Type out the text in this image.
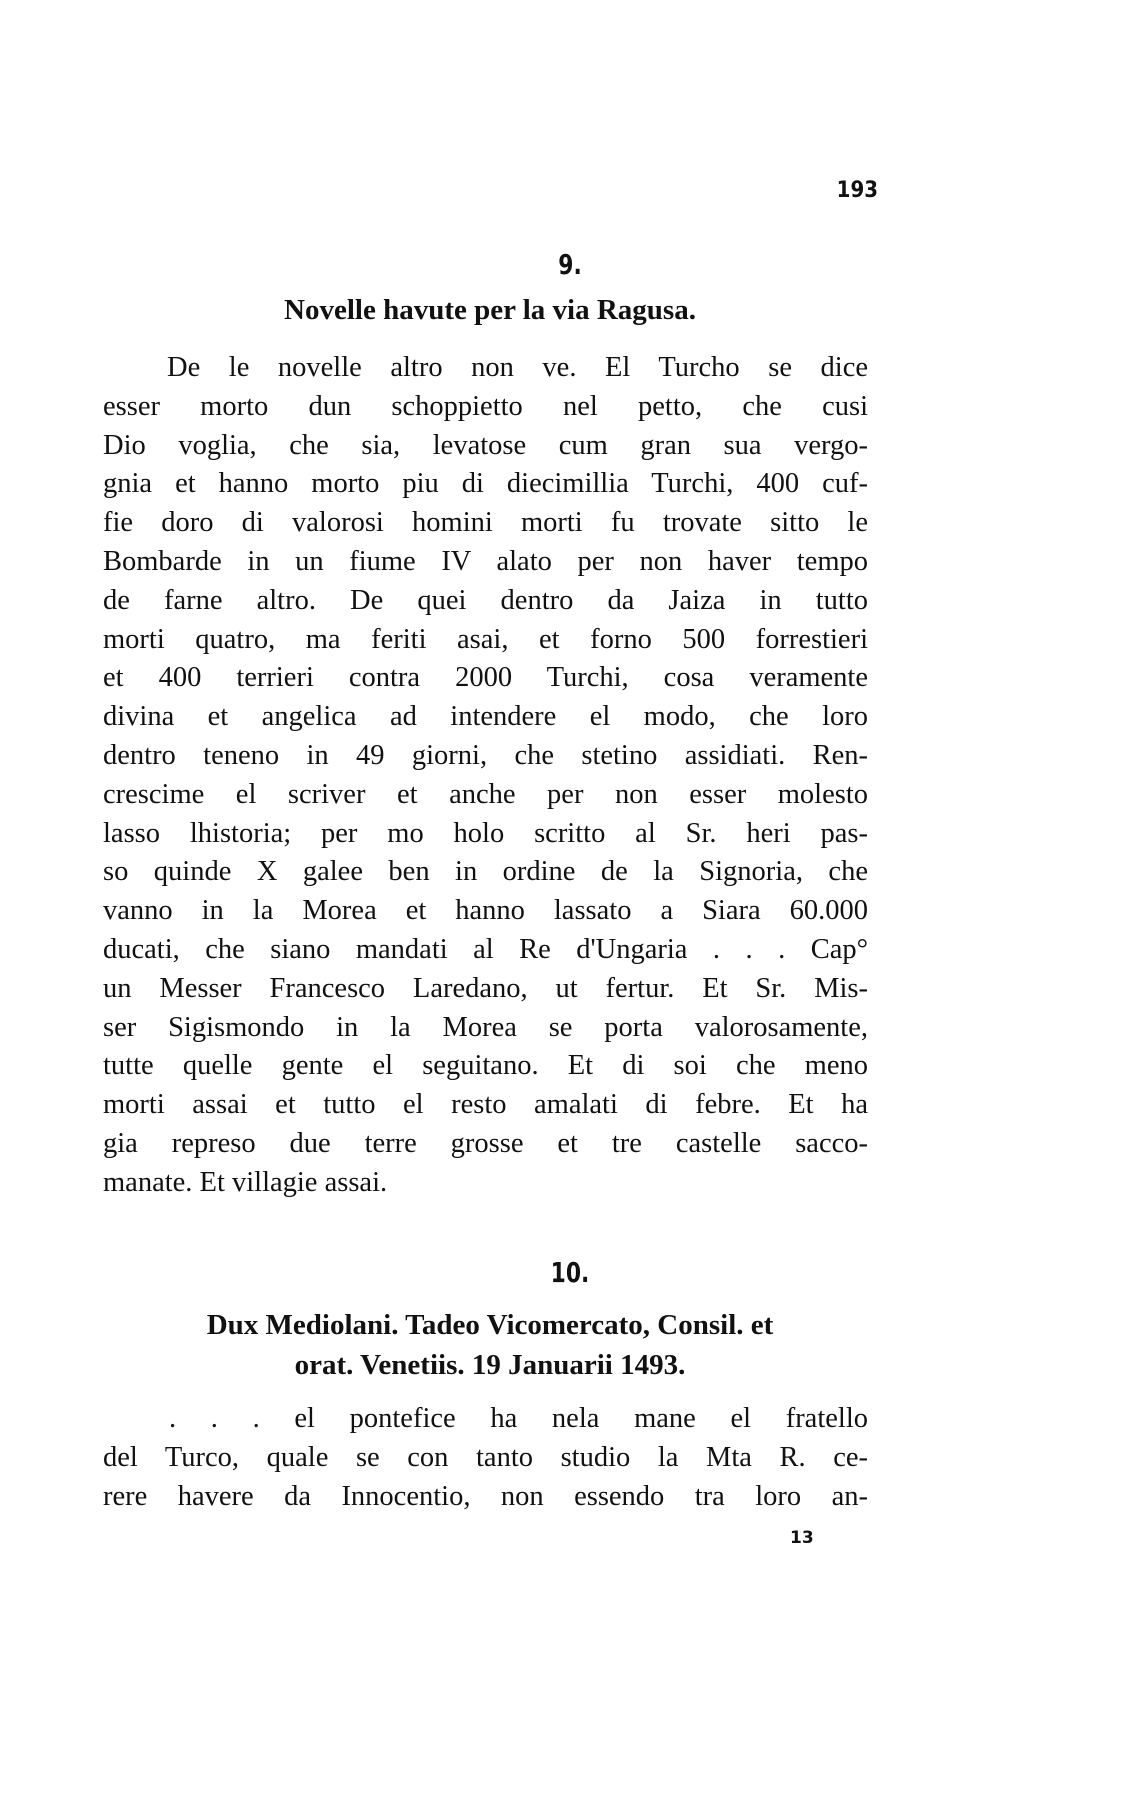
193
9.
Novelle havute per la via Ragusa.
De le novelle altro non ve. El Turcho se dice
esser morto dun schoppietto nel petto, che cusi
Dio voglia, che sia, levatose cum gran sua vergo-
gnia et hanno morto piu di diecimillia Turchi, 400 cuf-
fie doro di valorosi homini morti fu trovate sitto le
Bombarde in un fiume IV alato per non haver tempo
de farne altro. De quei dentro da Jaiza in tutto
morti quatro, ma feriti asai, et forno 500 forrestieri
et 400 terrieri contra 2000 Turchi, cosa veramente
divina et angelica ad intendere el modo, che loro
dentro teneno in 49 giorni, che stetino assidiati. Ren-
crescime el scriver et anche per non esser molesto
lasso lhistoria; per mo holo scritto al Sr. heri pas-
so quinde X galee ben in ordine de la Signoria, che
vanno in la Morea et hanno lassato a Siara 60.000
ducati, che siano mandati al Re d'Ungaria . . . Cap°
un Messer Francesco Laredano, ut fertur. Et Sr. Mis-
ser Sigismondo in la Morea se porta valorosamente,
tutte quelle gente el seguitano. Et di soi che meno
morti assai et tutto el resto amalati di febre. Et ha
gia represo due terre grosse et tre castelle sacco-
manate. Et villagie assai.
10.
Dux Mediolani. Tadeo Vicomercato, Consil. et
orat. Venetiis. 19 Januarii 1493.
. . . el pontefice ha nela mane el fratello
del Turco, quale se con tanto studio la Mta R. ce-
rere havere da Innocentio, non essendo tra loro an-
13
